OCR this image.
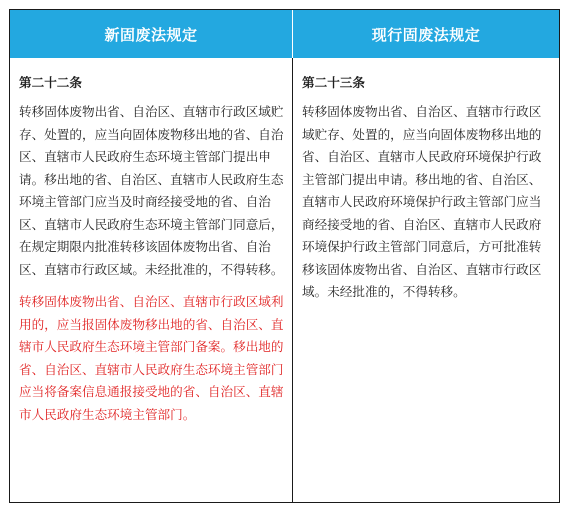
新固废法规定	现行固废法规定
第二十二条

转移固体废物出省、自治区、直辖市行政区域贮存、处置的，应当向固体废物移出地的省、自治区、直辖市人民政府生态环境主管部门提出申请。移出地的省、自治区、直辖市人民政府生态环境主管部门应当及时商经接受地的省、自治区、直辖市人民政府生态环境主管部门同意后，在规定期限内批准转移该固体废物出省、自治区、直辖市行政区域。未经批准的，不得转移。

转移固体废物出省、自治区、直辖市行政区域利用的，应当报固体废物移出地的省、自治区、直辖市人民政府生态环境主管部门备案。移出地的省、自治区、直辖市人民政府生态环境主管部门应当将备案信息通报接受地的省、自治区、直辖市人民政府生态环境主管部门。

第二十三条

转移固体废物出省、自治区、直辖市行政区域贮存、处置的，应当向固体废物移出地的省、自治区、直辖市人民政府环境保护行政主管部门提出申请。移出地的省、自治区、直辖市人民政府环境保护行政主管部门应当商经接受地的省、自治区、直辖市人民政府环境保护行政主管部门同意后，方可批准转移该固体废物出省、自治区、直辖市行政区域。未经批准的，不得转移。
